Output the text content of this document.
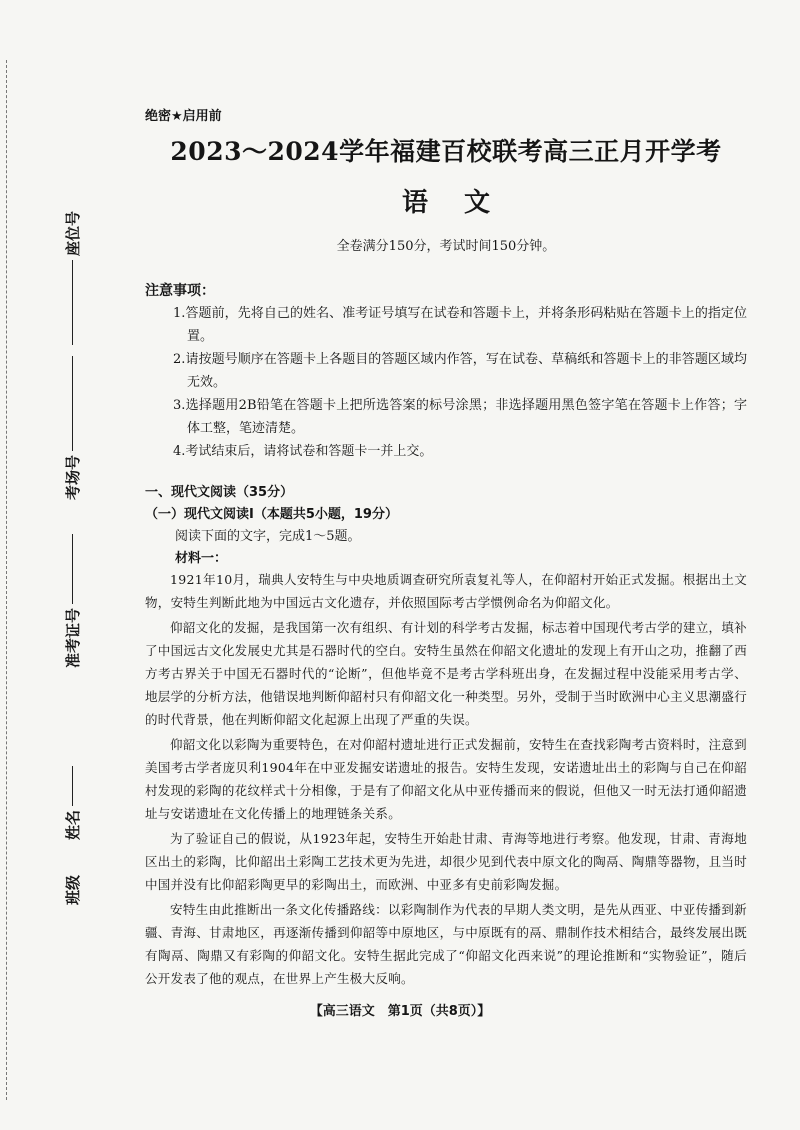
座位号
考场号
准考证号
姓名
班级
绝密★启用前
2023～2024学年福建百校联考高三正月开学考
语文
全卷满分150分，考试时间150分钟。
注意事项：

1.答题前，先将自己的姓名、准考证号填写在试卷和答题卡上，并将条形码粘贴在答题卡上的指定位置。

2.请按题号顺序在答题卡上各题目的答题区域内作答，写在试卷、草稿纸和答题卡上的非答题区域均无效。

3.选择题用2B铅笔在答题卡上把所选答案的标号涂黑；非选择题用黑色签字笔在答题卡上作答；字体工整，笔迹清楚。

4.考试结束后，请将试卷和答题卡一并上交。

一、现代文阅读（35分）
（一）现代文阅读Ⅰ（本题共5小题，19分）
阅读下面的文字，完成1～5题。
材料一：

1921年10月，瑞典人安特生与中央地质调查研究所袁复礼等人，在仰韶村开始正式发掘。根据出土文物，安特生判断此地为中国远古文化遗存，并依照国际考古学惯例命名为仰韶文化。

仰韶文化的发掘，是我国第一次有组织、有计划的科学考古发掘，标志着中国现代考古学的建立，填补了中国远古文化发展史尤其是石器时代的空白。安特生虽然在仰韶文化遗址的发现上有开山之功，推翻了西方考古界关于中国无石器时代的“论断”，但他毕竟不是考古学科班出身，在发掘过程中没能采用考古学、地层学的分析方法，他错误地判断仰韶村只有仰韶文化一种类型。另外，受制于当时欧洲中心主义思潮盛行的时代背景，他在判断仰韶文化起源上出现了严重的失误。

仰韶文化以彩陶为重要特色，在对仰韶村遗址进行正式发掘前，安特生在查找彩陶考古资料时，注意到美国考古学者庞贝利1904年在中亚发掘安诺遗址的报告。安特生发现，安诺遗址出土的彩陶与自己在仰韶村发现的彩陶的花纹样式十分相像，于是有了仰韶文化从中亚传播而来的假说，但他又一时无法打通仰韶遗址与安诺遗址在文化传播上的地理链条关系。

为了验证自己的假说，从1923年起，安特生开始赴甘肃、青海等地进行考察。他发现，甘肃、青海地区出土的彩陶，比仰韶出土彩陶工艺技术更为先进，却很少见到代表中原文化的陶鬲、陶鼎等器物，且当时中国并没有比仰韶彩陶更早的彩陶出土，而欧洲、中亚多有史前彩陶发掘。

安特生由此推断出一条文化传播路线：以彩陶制作为代表的早期人类文明，是先从西亚、中亚传播到新疆、青海、甘肃地区，再逐渐传播到仰韶等中原地区，与中原既有的鬲、鼎制作技术相结合，最终发展出既有陶鬲、陶鼎又有彩陶的仰韶文化。安特生据此完成了“仰韶文化西来说”的理论推断和“实物验证”，随后公开发表了他的观点，在世界上产生极大反响。

【高三语文　第1页（共8页）】
